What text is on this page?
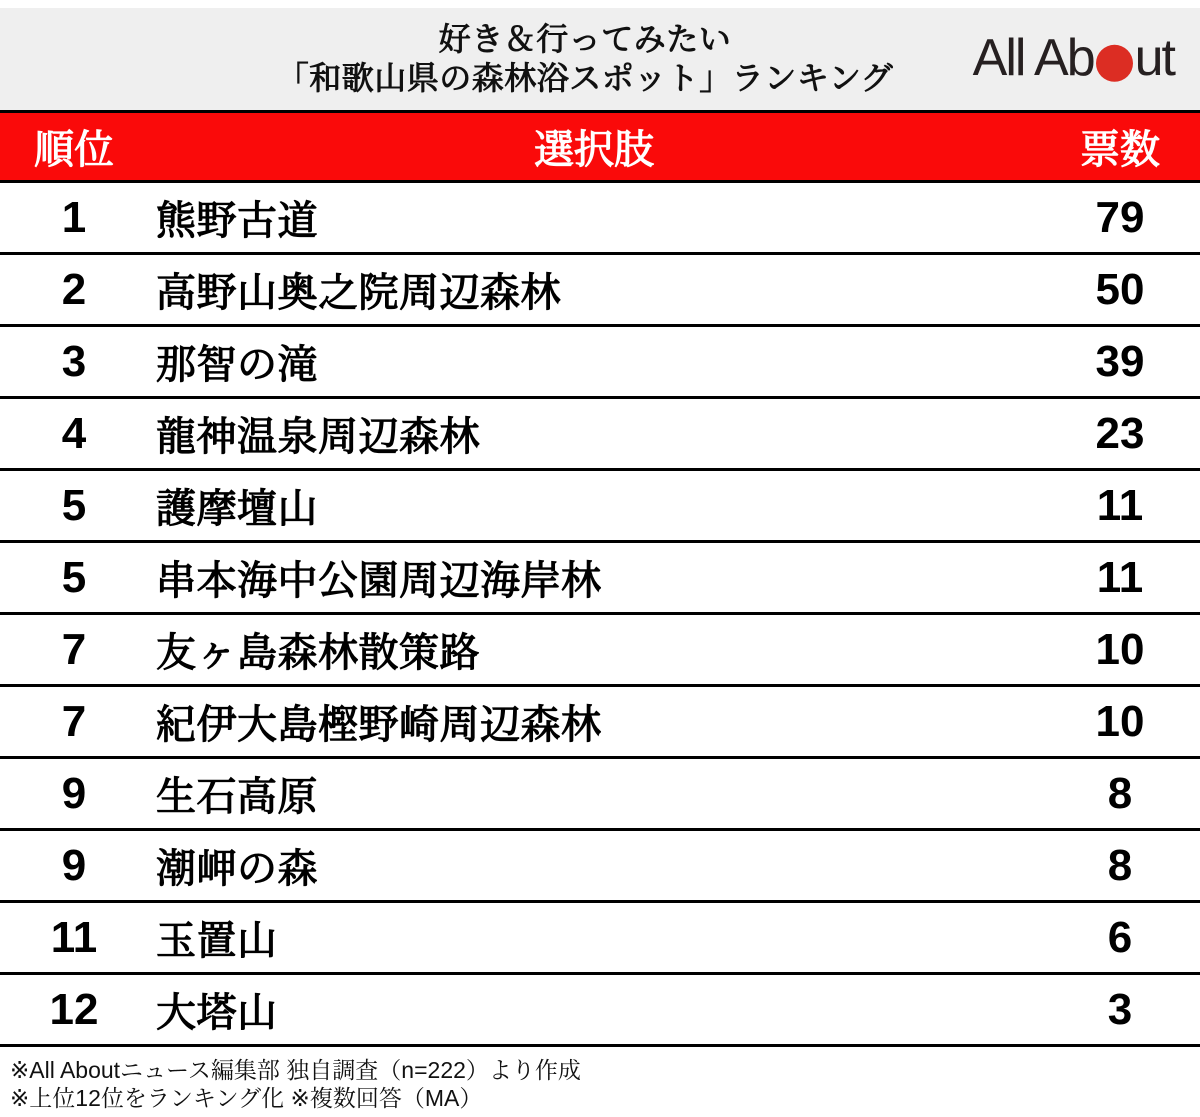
好き＆行ってみたい
「和歌山県の森林浴スポット」ランキング All Ab ut
順位	選択肢	票数
1	熊野古道	79
2	高野山奥之院周辺森林	50
3	那智の滝	39
4	龍神温泉周辺森林	23
5	護摩壇山	11
5	串本海中公園周辺海岸林	11
7	友ヶ島森林散策路	10
7	紀伊大島樫野崎周辺森林	10
9	生石高原	8
9	潮岬の森	8
11	玉置山	6
12	大塔山	3
※All Aboutニュース編集部 独自調査（n=222）より作成
※上位12位をランキング化 ※複数回答（MA）
